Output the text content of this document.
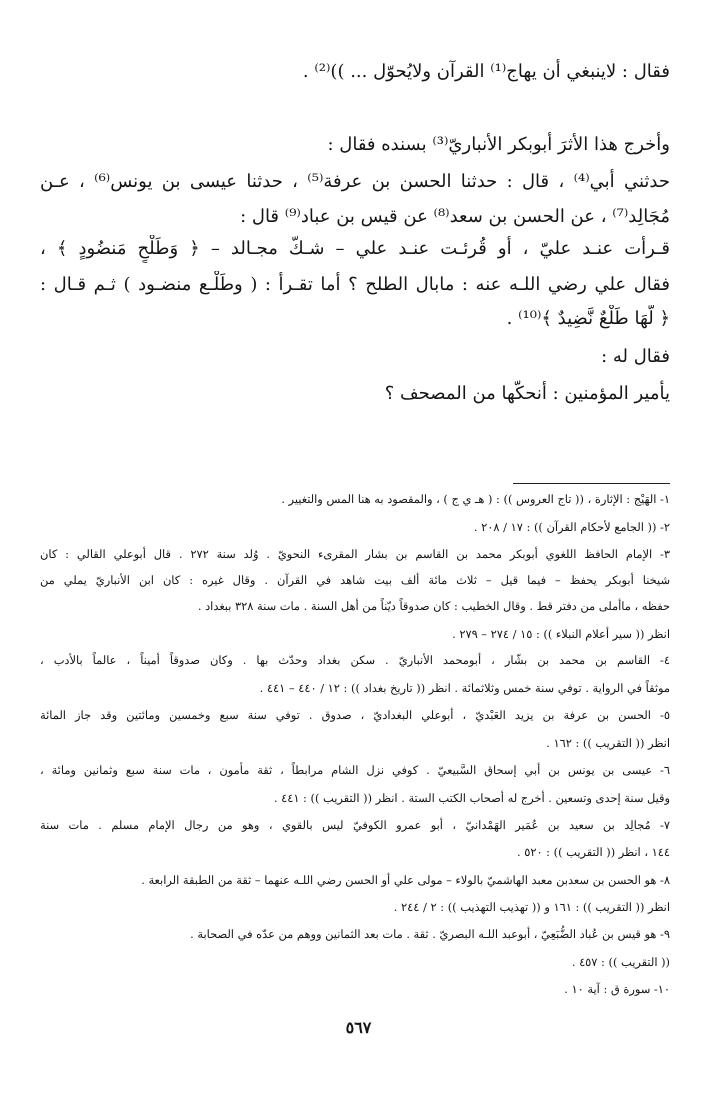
فقال : لاينبغي أن يهاج⁽¹⁾ القرآن ولايُحوّل ... ))⁽²⁾ .
وأخرج هذا الأثرَ أبوبكر الأنباريّ⁽³⁾ بسنده فقال :
حدثني أبي⁽⁴⁾ ، قال : حدثنا الحسن بن عرفة⁽⁵⁾ ، حدثنا عيسى بن يونس⁽⁶⁾ ، عـن
مُجَالِد⁽⁷⁾ ، عن الحسن بن سعد⁽⁸⁾ عن قيس بن عباد⁽⁹⁾ قال :
قـرأت عنـد عليّ ، أو قُرئـت عنـد علي – شـكّ مجـالد – ﴿ وَطَلْحٍ مَنضُودٍ ﴾ ،
فقال علي رضي اللـه عنه : مابال الطلح ؟ أما تقـرأ : ( وطَلْـع منضـود ) ثـم قـال :
﴿ لَّهَا طَلْعٌ نَّضِيدٌ ﴾⁽¹⁰⁾ .
فقال له :
يأمير المؤمنين : أنحكّها من المصحف ؟
١- الهَيْج : الإثارة ، (( تاج العروس )) : ( هـ ي ج ) ، والمقصود به هنا المس والتغيير .
٢- (( الجامع لأحكام القرآن )) : ١٧ / ٢٠٨ .
٣- الإمام الحافظ اللغوي أبوبكر محمد بن القاسم بن بشار المقرىء النحويّ . وُلد سنة ٢٧٢ . قال أبوعلي القالي : كان
شيخنا أبوبكر يحفظ – فيما قيل – ثلاث مائة ألف بيت شاهد في القرآن . وقال غيره : كان ابن الأنباريّ يملي من
حفظه ، ماأملى من دفتر قط . وقال الخطيب : كان صدوقاً ديّناً من أهل السنة . مات سنة ٣٢٨ ببغداد .
انظر (( سير أعلام النبلاء )) : ١٥ / ٢٧٤ – ٢٧٩ .
٤- القاسم بن محمد بن بشّار ، أبومحمد الأنباريّ . سكن بغداد وحدّث بها . وكان صدوقاً أميناً ، عالماً بالأدب ،
موثقاً في الرواية . توفي سنة خمس وثلاثمائة . انظر (( تاريخ بغداد )) : ١٢ / ٤٤٠ – ٤٤١ .
٥- الحسن بن عرفة بن يزيد العَبْديّ ، أبوعلي البغداديّ ، صدوق . توفي سنة سبع وخمسين ومائتين وقد جاز المائة
انظر (( التقريب )) : ١٦٢ .
٦- عيسى بن يونس بن أبي إسحاق السَّبيعيّ . كوفي نزل الشام مرابطاً ، ثقة مأمون ، مات سنة سبع وثمانين ومائة ،
وقيل سنة إحدى وتسعين . أخرج له أصحاب الكتب الستة . انظر (( التقريب )) : ٤٤١ .
٧- مُجالِد بن سعيد بن عُمَير الهَمْدانيّ ، أبو عمرو الكوفيّ ليس بالقوي ، وهو من رجال الإمام مسلم . مات سنة
١٤٤ ، انظر (( التقريب )) : ٥٢٠ .
٨- هو الحسن بن سعدبن معبد الهاشميّ بالولاء – مولى علي أو الحسن رضي اللـه عنهما – ثقة من الطبقة الرابعة .
انظر (( التقريب )) : ١٦١ و (( تهذيب التهذيب )) : ٢ / ٢٤٤ .
٩- هو قيس بن عُباد الضُّبَعِيّ ، أبوعبد اللـه البصريّ . ثقة . مات بعد الثمانين ووهم من عدّه في الصحابة .
(( التقريب )) : ٤٥٧ .
١٠- سورة ق : آية ١٠ .
٥٦٧
